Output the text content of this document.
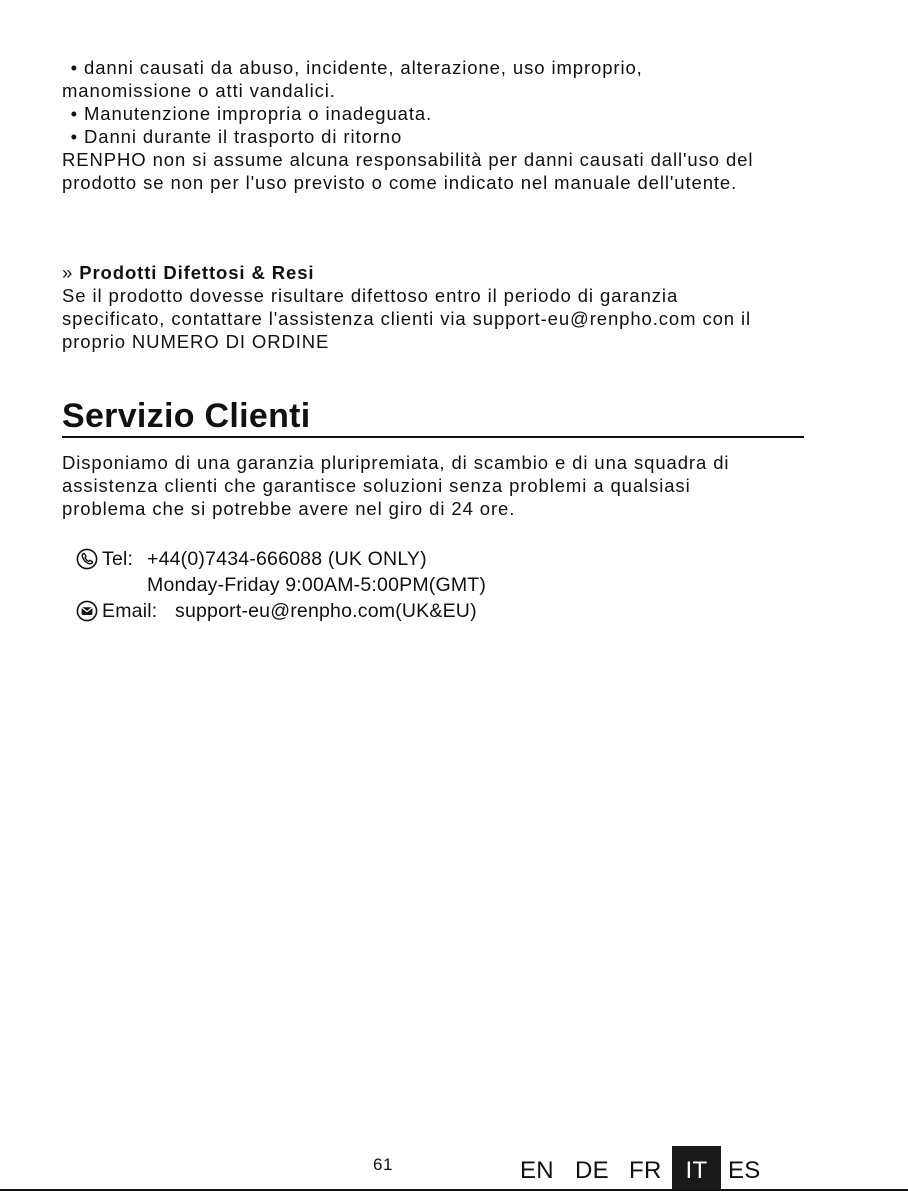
• danni causati da abuso, incidente, alterazione, uso improprio,
manomissione o atti vandalici.
• Manutenzione impropria o inadeguata.
• Danni durante il trasporto di ritorno
RENPHO non si assume alcuna responsabilità per danni causati dall'uso del
prodotto se non per l'uso previsto o come indicato nel manuale dell'utente.
» Prodotti Difettosi & Resi
Se il prodotto dovesse risultare difettoso entro il periodo di garanzia
specificato, contattare l'assistenza clienti via support-eu@renpho.com con il
proprio NUMERO DI ORDINE
Servizio Clienti
Disponiamo di una garanzia pluripremiata, di scambio e di una squadra di
assistenza clienti che garantisce soluzioni senza problemi a qualsiasi
problema che si potrebbe avere nel giro di 24 ore.
Tel: +44(0)7434-666088 (UK ONLY)
Monday-Friday 9:00AM-5:00PM(GMT)
Email: support-eu@renpho.com(UK&EU)
61	EN DE FR IT ES
